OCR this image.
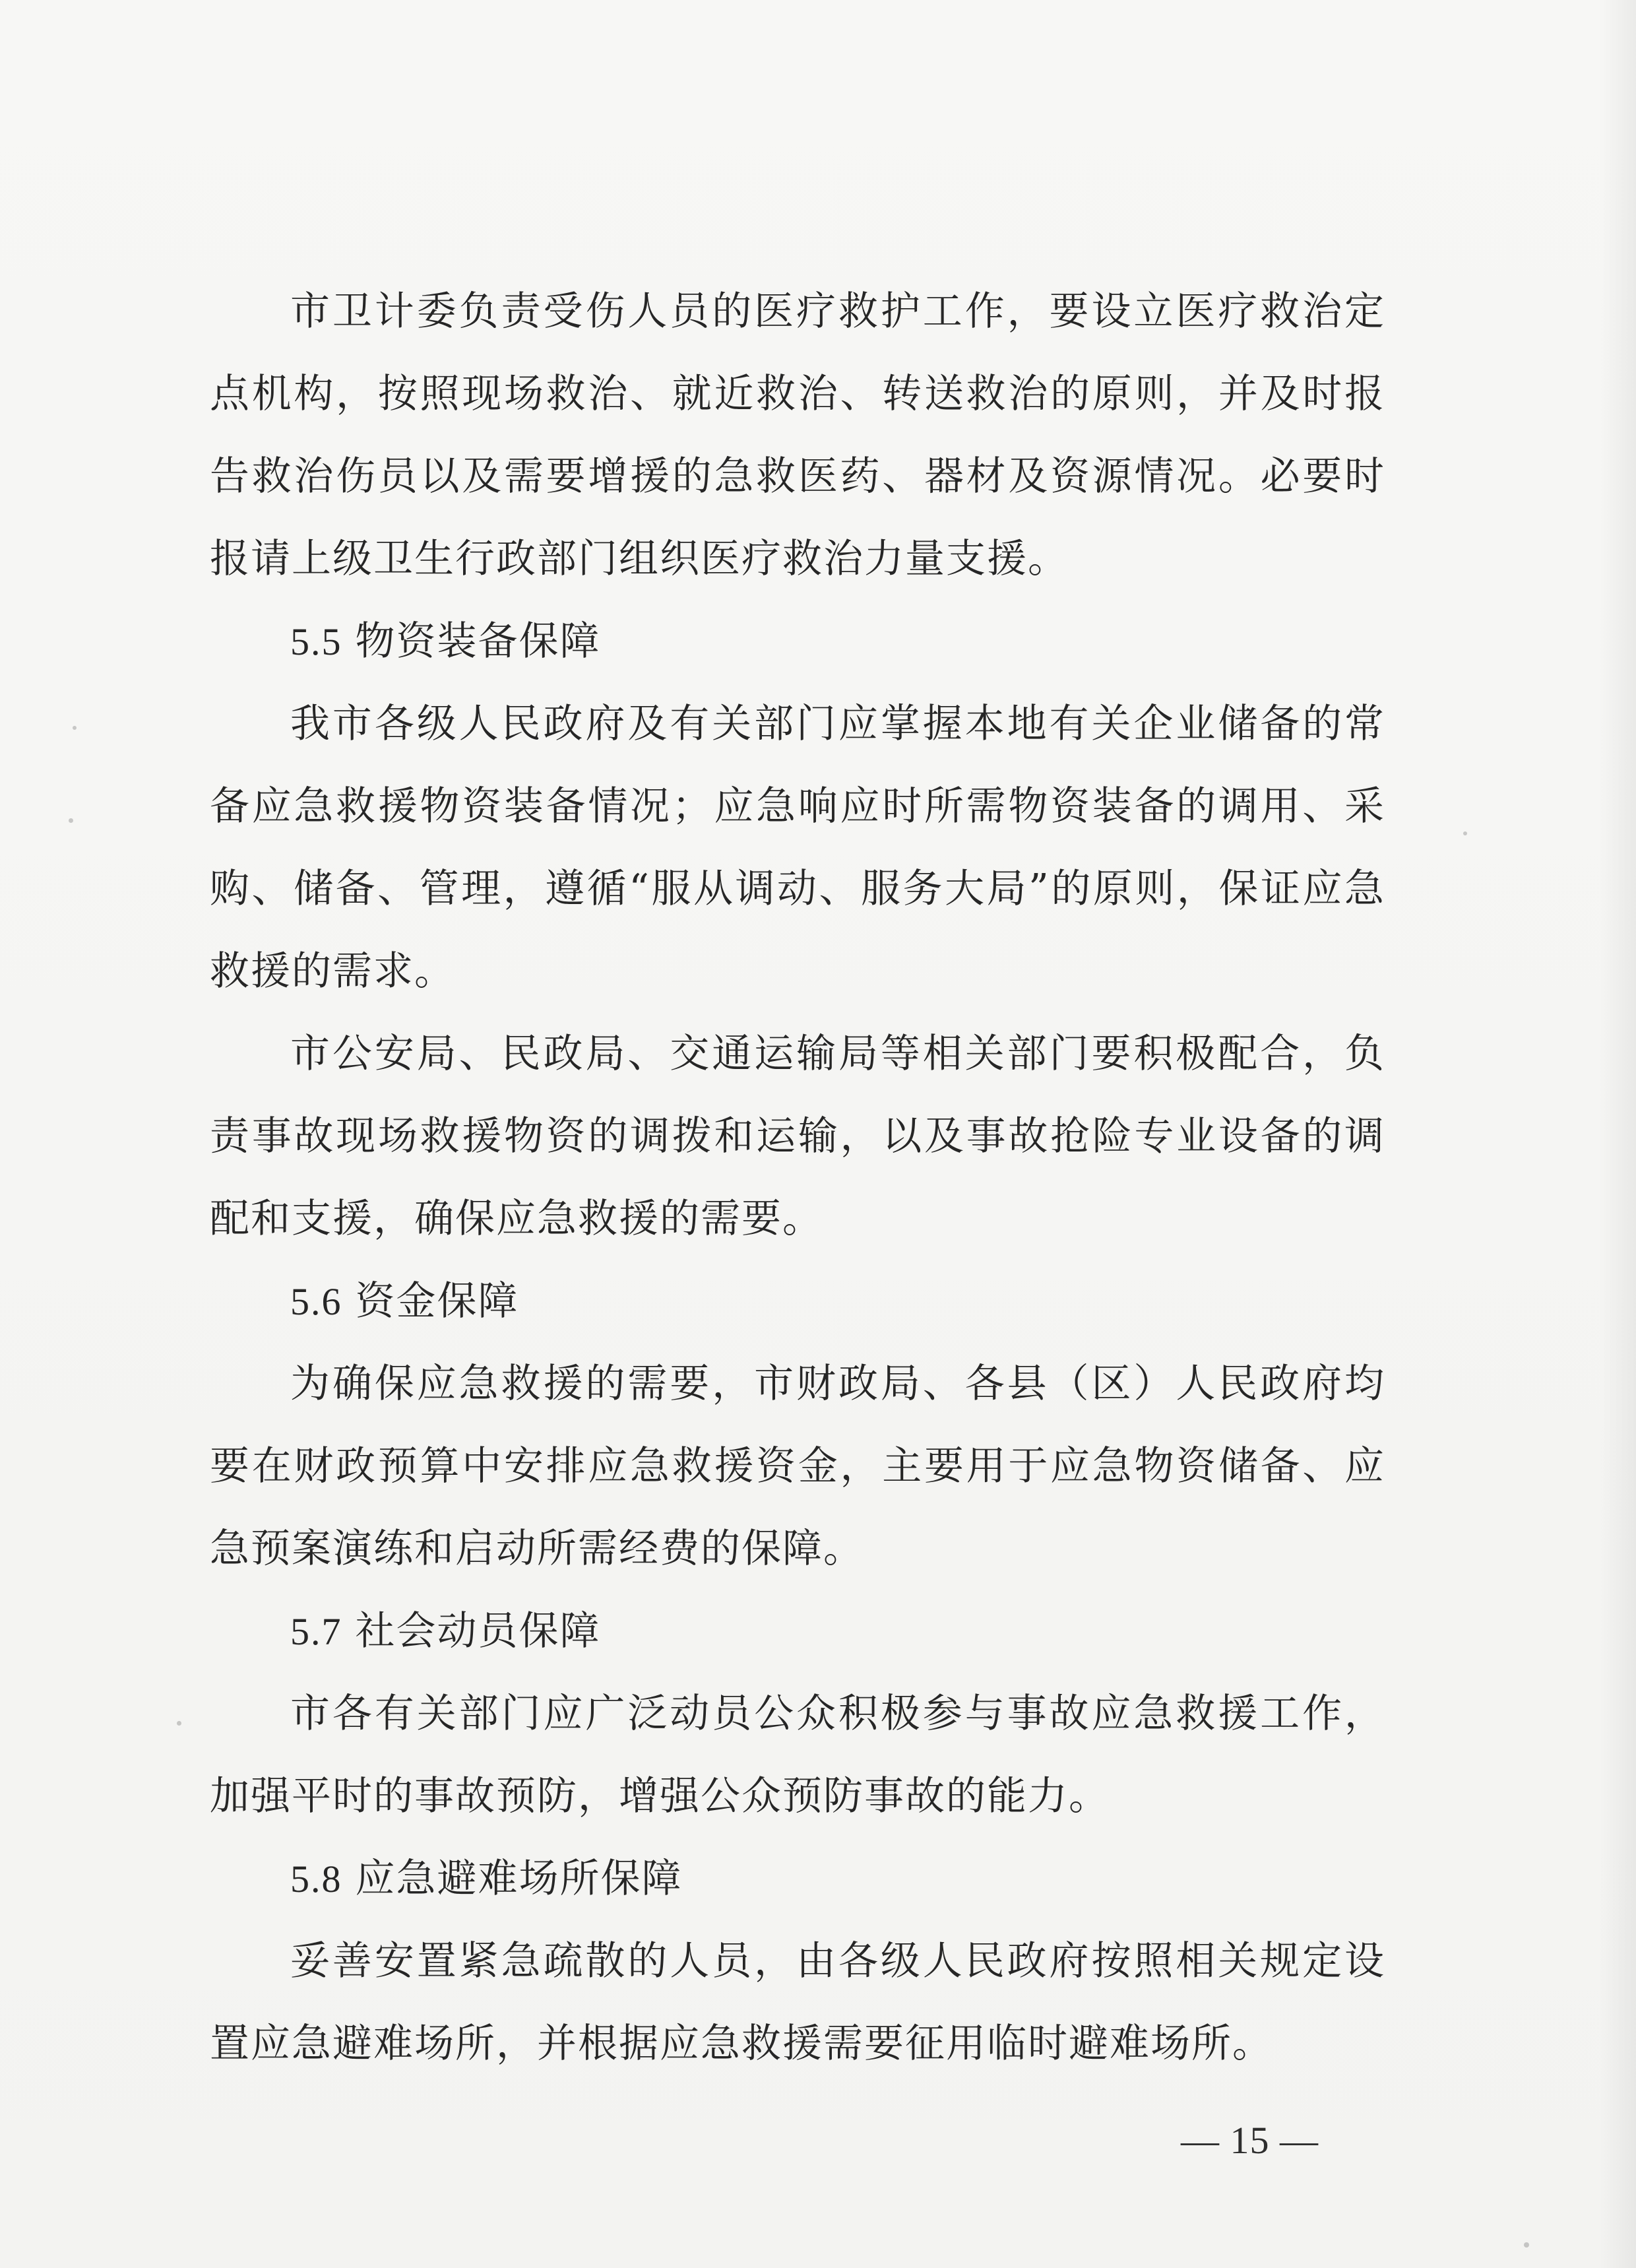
市卫计委负责受伤人员的医疗救护工作，要设立医疗救治定点机构，按照现场救治、就近救治、转送救治的原则，并及时报告救治伤员以及需要增援的急救医药、器材及资源情况。必要时报请上级卫生行政部门组织医疗救治力量支援。

5.5 物资装备保障

我市各级人民政府及有关部门应掌握本地有关企业储备的常备应急救援物资装备情况；应急响应时所需物资装备的调用、采购、储备、管理，遵循“服从调动、服务大局”的原则，保证应急救援的需求。

市公安局、民政局、交通运输局等相关部门要积极配合，负责事故现场救援物资的调拨和运输，以及事故抢险专业设备的调配和支援，确保应急救援的需要。

5.6 资金保障

为确保应急救援的需要，市财政局、各县（区）人民政府均要在财政预算中安排应急救援资金，主要用于应急物资储备、应急预案演练和启动所需经费的保障。

5.7 社会动员保障

市各有关部门应广泛动员公众积极参与事故应急救援工作，加强平时的事故预防，增强公众预防事故的能力。

5.8 应急避难场所保障

妥善安置紧急疏散的人员，由各级人民政府按照相关规定设置应急避难场所，并根据应急救援需要征用临时避难场所。

— 15 —
